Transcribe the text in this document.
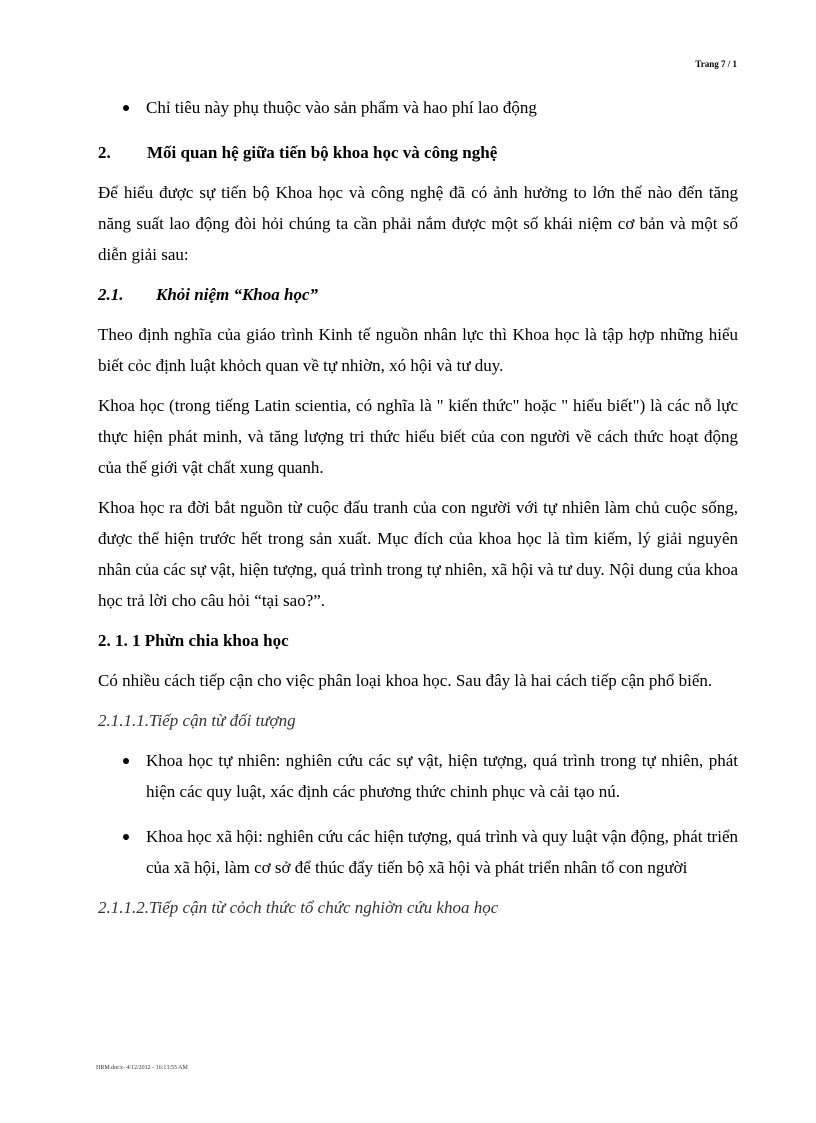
Trang 7 / 1
Chỉ tiêu này phụ thuộc vào sản phẩm và hao phí lao động

2. Mối quan hệ giữa tiến bộ khoa học và công nghệ

Để hiểu được sự tiến bộ Khoa học và công nghệ đã có ảnh hưởng to lớn thế nào đến tăng năng suất lao động đòi hỏi chúng ta cần phải nắm được một số khái niệm cơ bản và một số diễn giải sau:

2.1. Khỏi niệm “Khoa học”

Theo định nghĩa của giáo trình Kinh tế nguồn nhân lực thì Khoa học là tập hợp những hiểu biết cỏc định luật khỏch quan về tự nhiờn, xó hội và tư duy.

Khoa học (trong tiếng Latin scientia, có nghĩa là " kiến thức" hoặc " hiểu biết") là các nỗ lực thực hiện phát minh, và tăng lượng tri thức hiểu biết của con người về cách thức hoạt động của thế giới vật chất xung quanh.

Khoa học ra đời bắt nguồn từ cuộc đấu tranh của con người với tự nhiên làm chủ cuộc sống, được thể hiện trước hết trong sản xuất. Mục đích của khoa học là tìm kiếm, lý giải nguyên nhân của các sự vật, hiện tượng, quá trình trong tự nhiên, xã hội và tư duy. Nội dung của khoa học trả lời cho câu hỏi “tại sao?”.

2. 1. 1 Phừn chia khoa học

Có nhiều cách tiếp cận cho việc phân loại khoa học. Sau đây là hai cách tiếp cận phổ biến.

2.1.1.1.Tiếp cận từ đối tượng

Khoa học tự nhiên: nghiên cứu các sự vật, hiện tượng, quá trình trong tự nhiên, phát hiện các quy luật, xác định các phương thức chinh phục và cải tạo nú.
Khoa học xã hội: nghiên cứu các hiện tượng, quá trình và quy luật vận động, phát triển của xã hội, làm cơ sở để thúc đẩy tiến bộ xã hội và phát triển nhân tố con người

2.1.1.2.Tiếp cận từ cỏch thức tổ chức nghiờn cứu khoa học

HRM.docx- 4/12/2012 - 16:13:55 AM
